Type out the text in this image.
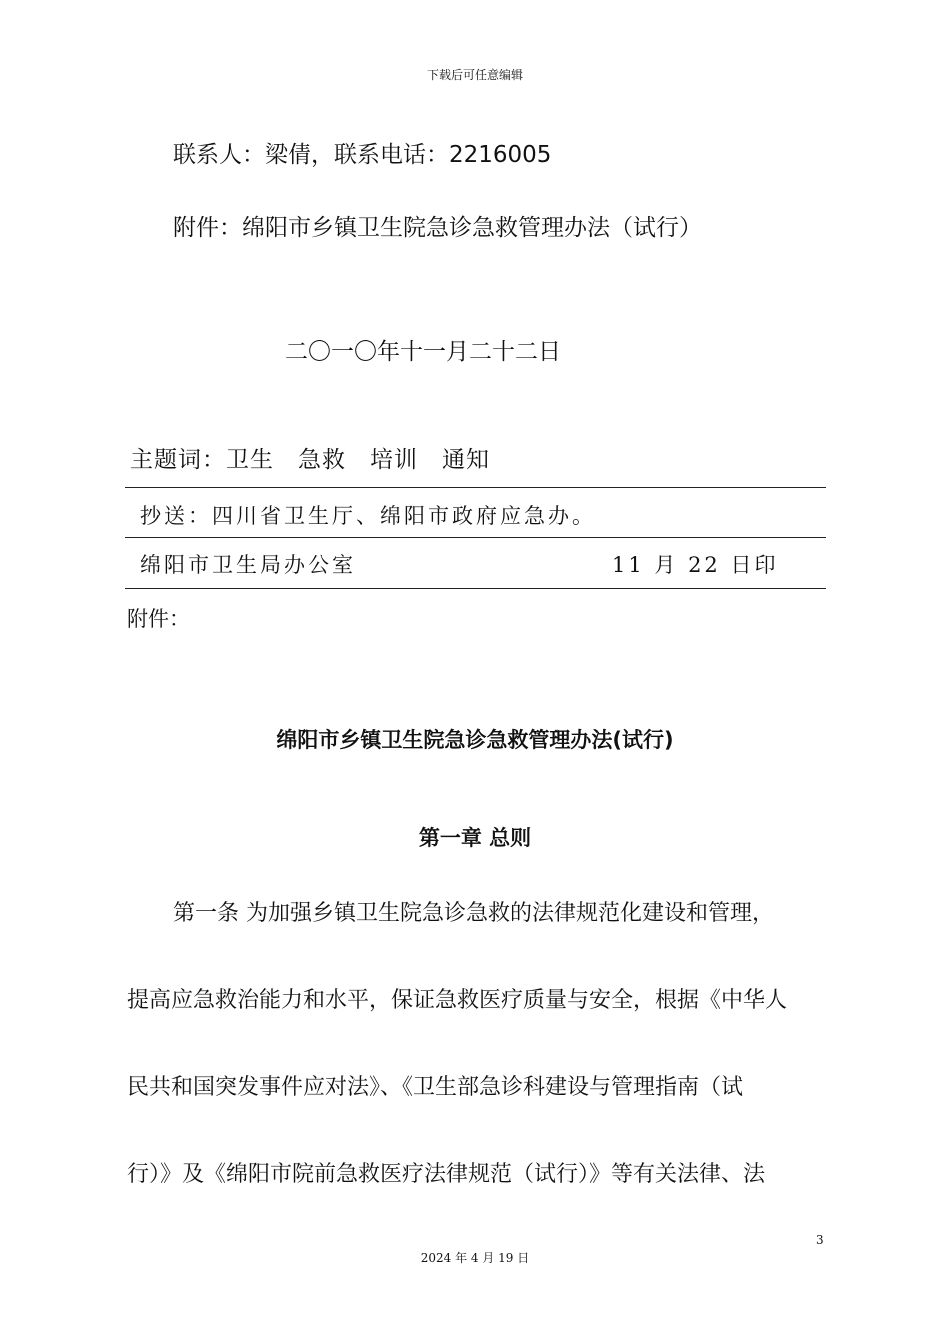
下载后可任意编辑

联系人：梁倩，联系电话：2216005

附件：绵阳市乡镇卫生院急诊急救管理办法（试行）

二〇一〇年十一月二十二日

主题词：卫生 急救 培训 通知
抄送：四川省卫生厅、绵阳市政府应急办。
绵阳市卫生局办公室	11 月 22 日印
附件：
绵阳市乡镇卫生院急诊急救管理办法(试行)
第一章 总则

第一条 为加强乡镇卫生院急诊急救的法律规范化建设和管理，

提高应急救治能力和水平，保证急救医疗质量与安全，根据《中华人

民共和国突发事件应对法》、《卫生部急诊科建设与管理指南（试

行）》及《绵阳市院前急救医疗法律规范（试行）》等有关法律、法

3
2024 年 4 月 19 日
